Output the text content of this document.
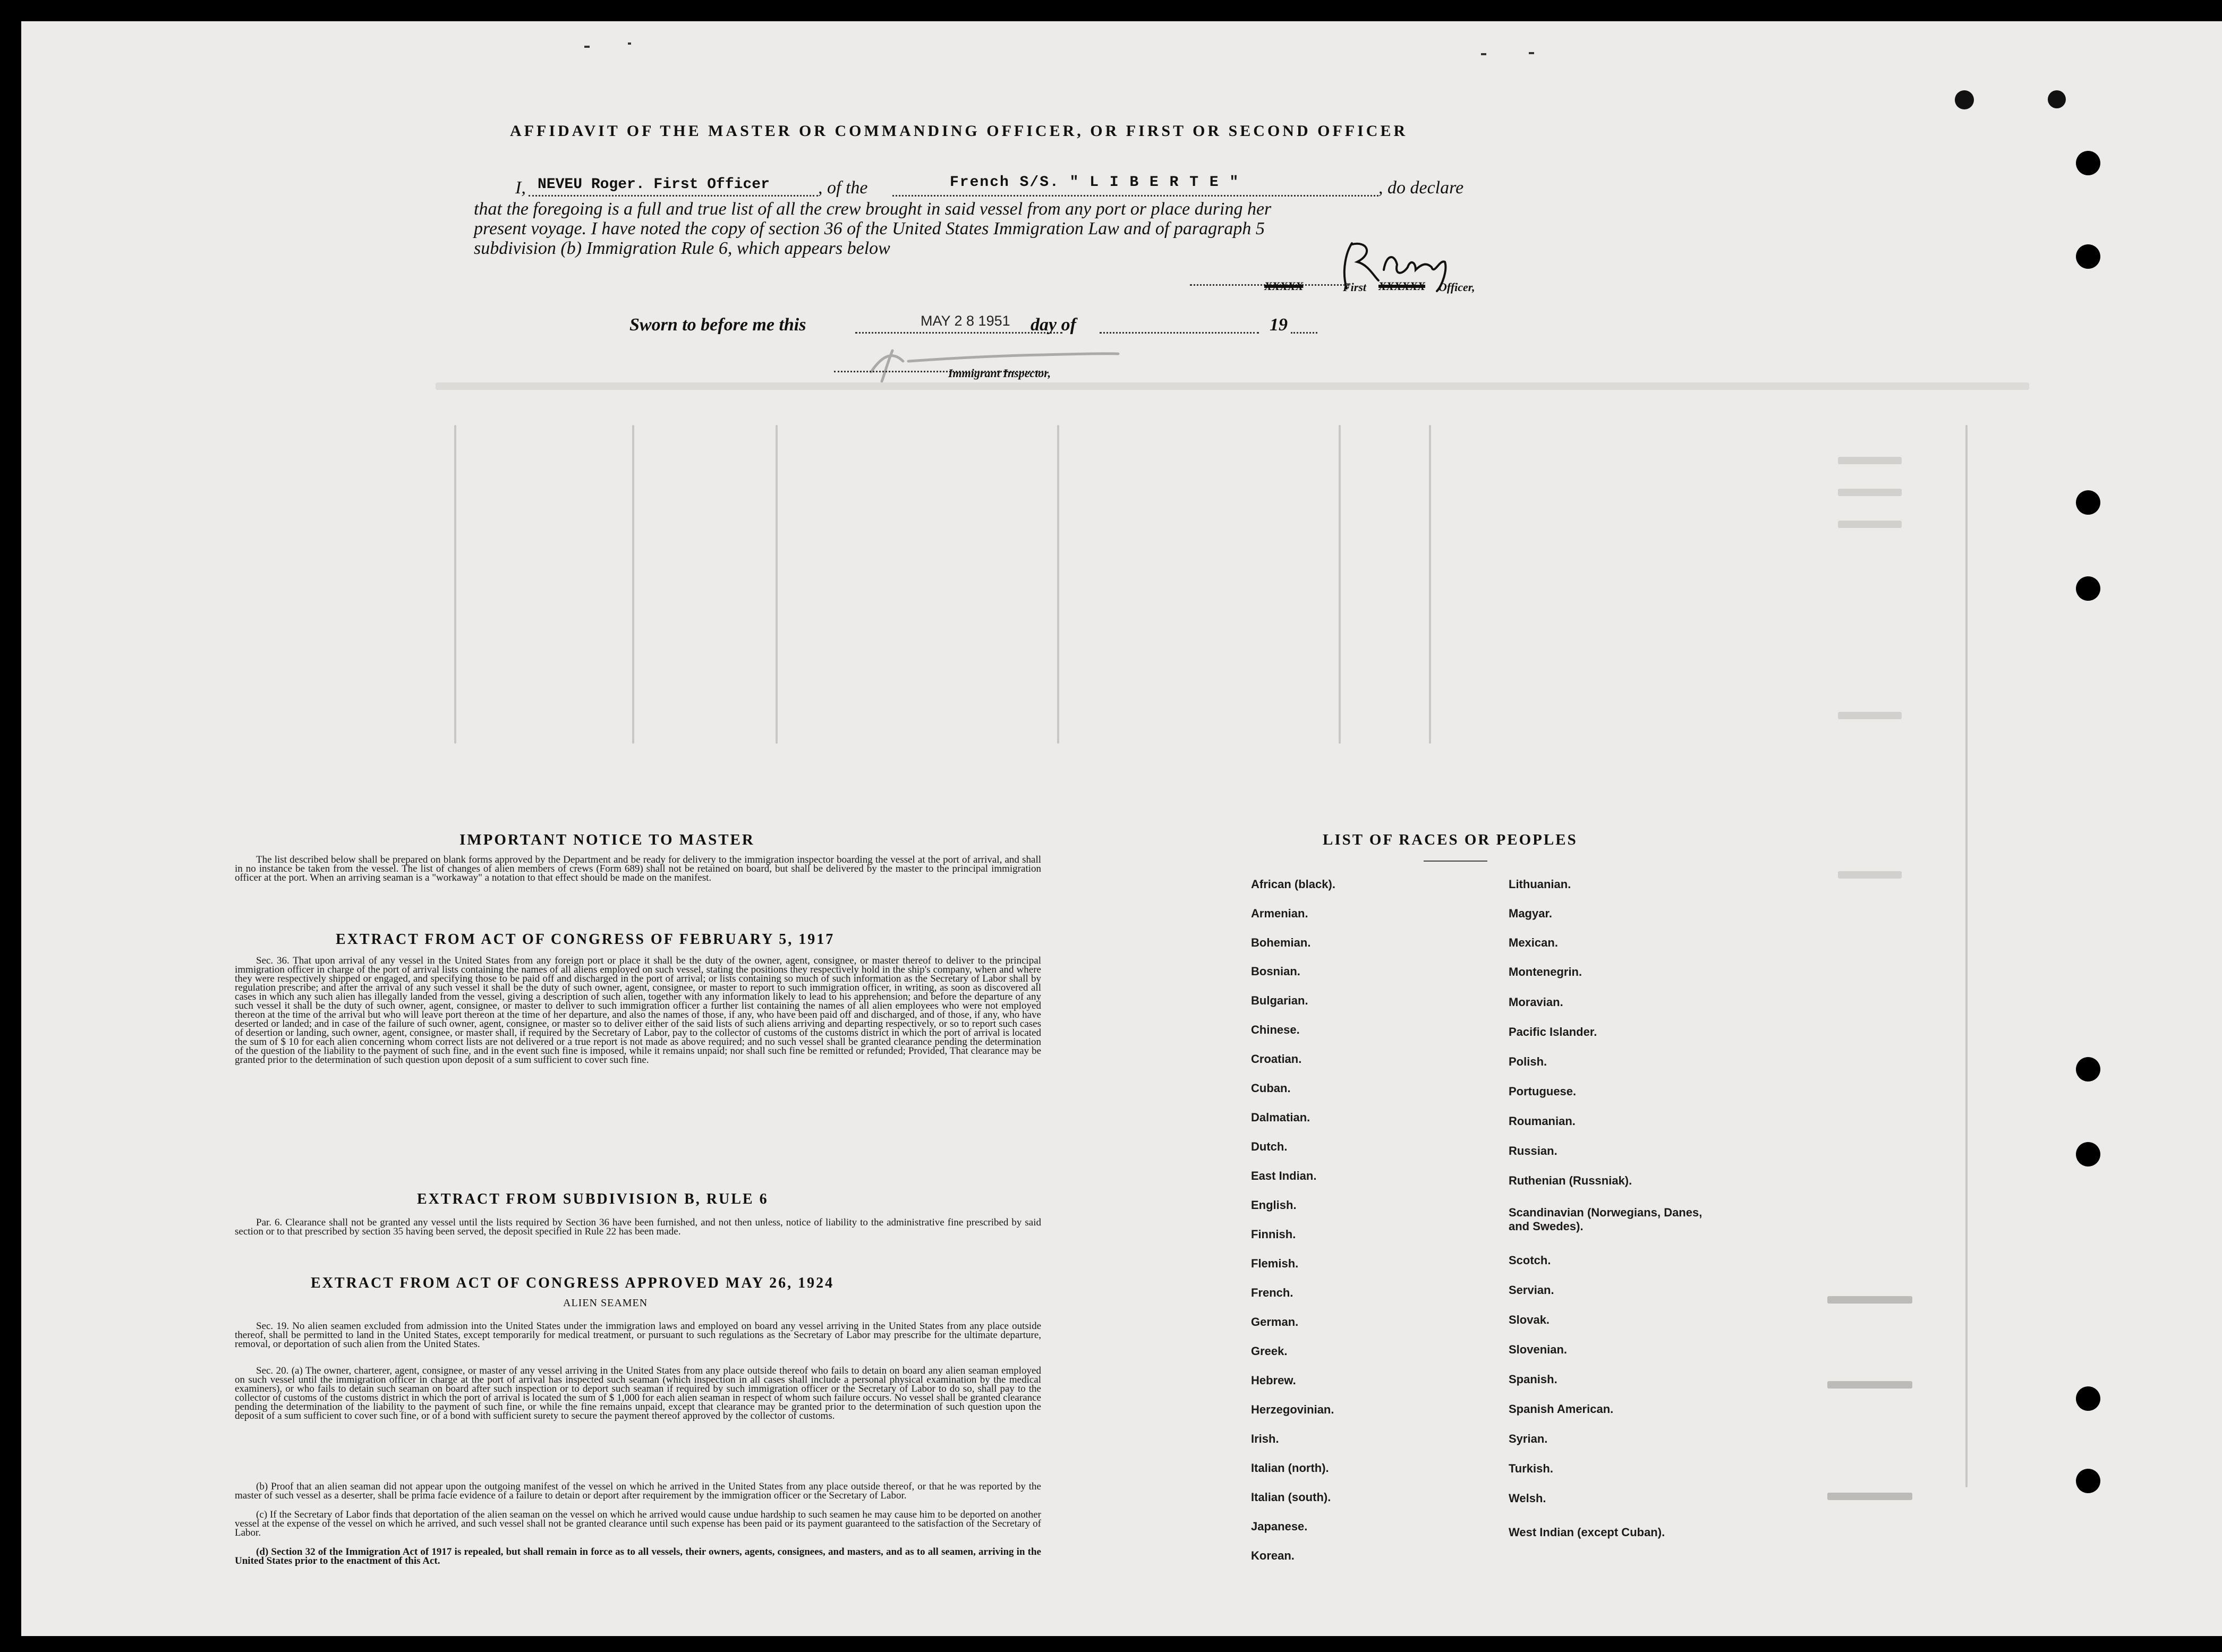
AFFIDAVIT OF THE MASTER OR COMMANDING OFFICER, OR FIRST OR SECOND OFFICER
I, NEVEU Roger. First Officer	, of the	French S/S. " L I B E R T E "	, do declare
that the foregoing is a full and true list of all the crew brought in said vessel from any port or place during her
present voyage. I have noted the copy of section 36 of the United States Immigration Law and of paragraph 5
subdivision (b) Immigration Rule 6, which appears below
XXXXX	First XXXXXX Officer,
Sworn to before me this	MAY 2 8 1951 day of	19
Immigrant Inspector,
IMPORTANT NOTICE TO MASTER

The list described below shall be prepared on blank forms approved by the Department and be ready for delivery to the immigration inspector boarding the vessel at the port of arrival, and shall in no instance be taken from the vessel. The list of changes of alien members of crews (Form 689) shall not be retained on board, but shall be delivered by the master to the principal immigration officer at the port. When an arriving seaman is a "workaway" a notation to that effect should be made on the manifest.

EXTRACT FROM ACT OF CONGRESS OF FEBRUARY 5, 1917

Sec. 36. That upon arrival of any vessel in the United States from any foreign port or place it shall be the duty of the owner, agent, consignee, or master thereof to deliver to the principal immigration officer in charge of the port of arrival lists containing the names of all aliens employed on such vessel, stating the positions they respectively hold in the ship's company, when and where they were respectively shipped or engaged, and specifying those to be paid off and discharged in the port of arrival; or lists containing so much of such information as the Secretary of Labor shall by regulation prescribe; and after the arrival of any such vessel it shall be the duty of such owner, agent, consignee, or master to report to such immigration officer, in writing, as soon as discovered all cases in which any such alien has illegally landed from the vessel, giving a description of such alien, together with any information likely to lead to his apprehension; and before the departure of any such vessel it shall be the duty of such owner, agent, consignee, or master to deliver to such immigration officer a further list containing the names of all alien employees who were not employed thereon at the time of the arrival but who will leave port thereon at the time of her departure, and also the names of those, if any, who have been paid off and discharged, and of those, if any, who have deserted or landed; and in case of the failure of such owner, agent, consignee, or master so to deliver either of the said lists of such aliens arriving and departing respectively, or so to report such cases of desertion or landing, such owner, agent, consignee, or master shall, if required by the Secretary of Labor, pay to the collector of customs of the customs district in which the port of arrival is located the sum of $ 10 for each alien concerning whom correct lists are not delivered or a true report is not made as above required; and no such vessel shall be granted clearance pending the determination of the question of the liability to the payment of such fine, and in the event such fine is imposed, while it remains unpaid; nor shall such fine be remitted or refunded; Provided, That clearance may be granted prior to the determination of such question upon deposit of a sum sufficient to cover such fine.

EXTRACT FROM SUBDIVISION B, RULE 6

Par. 6. Clearance shall not be granted any vessel until the lists required by Section 36 have been furnished, and not then unless, notice of liability to the administrative fine prescribed by said section or to that prescribed by section 35 having been served, the deposit specified in Rule 22 has been made.

EXTRACT FROM ACT OF CONGRESS APPROVED MAY 26, 1924
ALIEN SEAMEN

Sec. 19. No alien seamen excluded from admission into the United States under the immigration laws and employed on board any vessel arriving in the United States from any place outside thereof, shall be permitted to land in the United States, except temporarily for medical treatment, or pursuant to such regulations as the Secretary of Labor may prescribe for the ultimate departure, removal, or deportation of such alien from the United States.

Sec. 20. (a) The owner, charterer, agent, consignee, or master of any vessel arriving in the United States from any place outside thereof who fails to detain on board any alien seaman employed on such vessel until the immigration officer in charge at the port of arrival has inspected such seaman (which inspection in all cases shall include a personal physical examination by the medical examiners), or who fails to detain such seaman on board after such inspection or to deport such seaman if required by such immigration officer or the Secretary of Labor to do so, shall pay to the collector of customs of the customs district in which the port of arrival is located the sum of $ 1,000 for each alien seaman in respect of whom such failure occurs. No vessel shall be granted clearance pending the determination of the liability to the payment of such fine, or while the fine remains unpaid, except that clearance may be granted prior to the determination of such question upon the deposit of a sum sufficient to cover such fine, or of a bond with sufficient surety to secure the payment thereof approved by the collector of customs.

(b) Proof that an alien seaman did not appear upon the outgoing manifest of the vessel on which he arrived in the United States from any place outside thereof, or that he was reported by the master of such vessel as a deserter, shall be prima facie evidence of a failure to detain or deport after requirement by the immigration officer or the Secretary of Labor.

(c) If the Secretary of Labor finds that deportation of the alien seaman on the vessel on which he arrived would cause undue hardship to such seamen he may cause him to be deported on another vessel at the expense of the vessel on which he arrived, and such vessel shall not be granted clearance until such expense has been paid or its payment guaranteed to the satisfaction of the Secretary of Labor.

(d) Section 32 of the Immigration Act of 1917 is repealed, but shall remain in force as to all vessels, their owners, agents, consignees, and masters, and as to all seamen, arriving in the United States prior to the enactment of this Act.

LIST OF RACES OR PEOPLES
African (black).
Armenian.
Bohemian.
Bosnian.
Bulgarian.
Chinese.
Croatian.
Cuban.
Dalmatian.
Dutch.
East Indian.
English.
Finnish.
Flemish.
French.
German.
Greek.
Hebrew.
Herzegovinian.
Irish.
Italian (north).
Italian (south).
Japanese.
Korean.
Lithuanian.
Magyar.
Mexican.
Montenegrin.
Moravian.
Pacific Islander.
Polish.
Portuguese.
Roumanian.
Russian.
Ruthenian (Russniak).
Scandinavian (Norwegians, Danes, and Swedes).
Scotch.
Servian.
Slovak.
Slovenian.
Spanish.
Spanish American.
Syrian.
Turkish.
Welsh.
West Indian (except Cuban).
